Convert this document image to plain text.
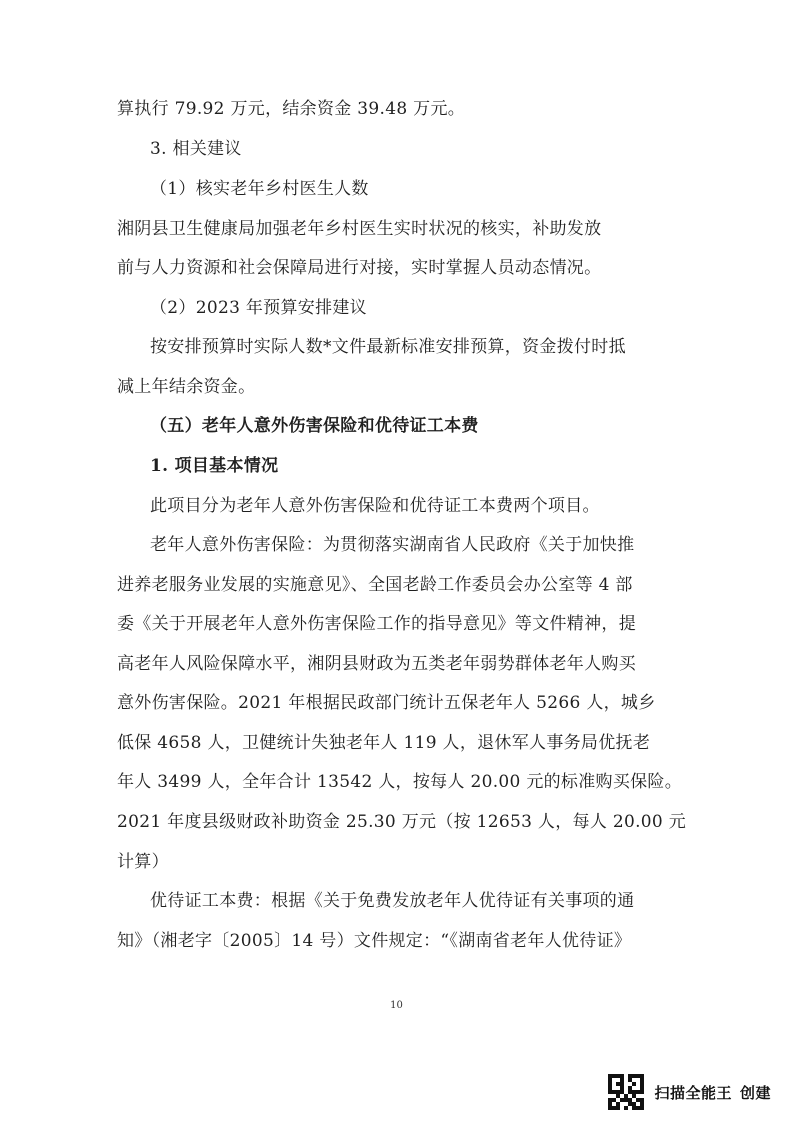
算执行 79.92 万元，结余资金 39.48 万元。

3. 相关建议

（1）核实老年乡村医生人数

湘阴县卫生健康局加强老年乡村医生实时状况的核实，补助发放

前与人力资源和社会保障局进行对接，实时掌握人员动态情况。

（2）2023 年预算安排建议

按安排预算时实际人数*文件最新标准安排预算，资金拨付时抵

减上年结余资金。

（五）老年人意外伤害保险和优待证工本费

1. 项目基本情况

此项目分为老年人意外伤害保险和优待证工本费两个项目。

老年人意外伤害保险：为贯彻落实湖南省人民政府《关于加快推

进养老服务业发展的实施意见》、全国老龄工作委员会办公室等 4 部

委《关于开展老年人意外伤害保险工作的指导意见》等文件精神，提

高老年人风险保障水平，湘阴县财政为五类老年弱势群体老年人购买

意外伤害保险。2021 年根据民政部门统计五保老年人 5266 人，城乡

低保 4658 人，卫健统计失独老年人 119 人，退休军人事务局优抚老

年人 3499 人，全年合计 13542 人，按每人 20.00 元的标准购买保险。

2021 年度县级财政补助资金 25.30 万元（按 12653 人，每人 20.00 元

计算）

优待证工本费：根据《关于免费发放老年人优待证有关事项的通

知》（湘老字〔2005〕14 号）文件规定：“《湖南省老年人优待证》

10
扫描全能王 创建
